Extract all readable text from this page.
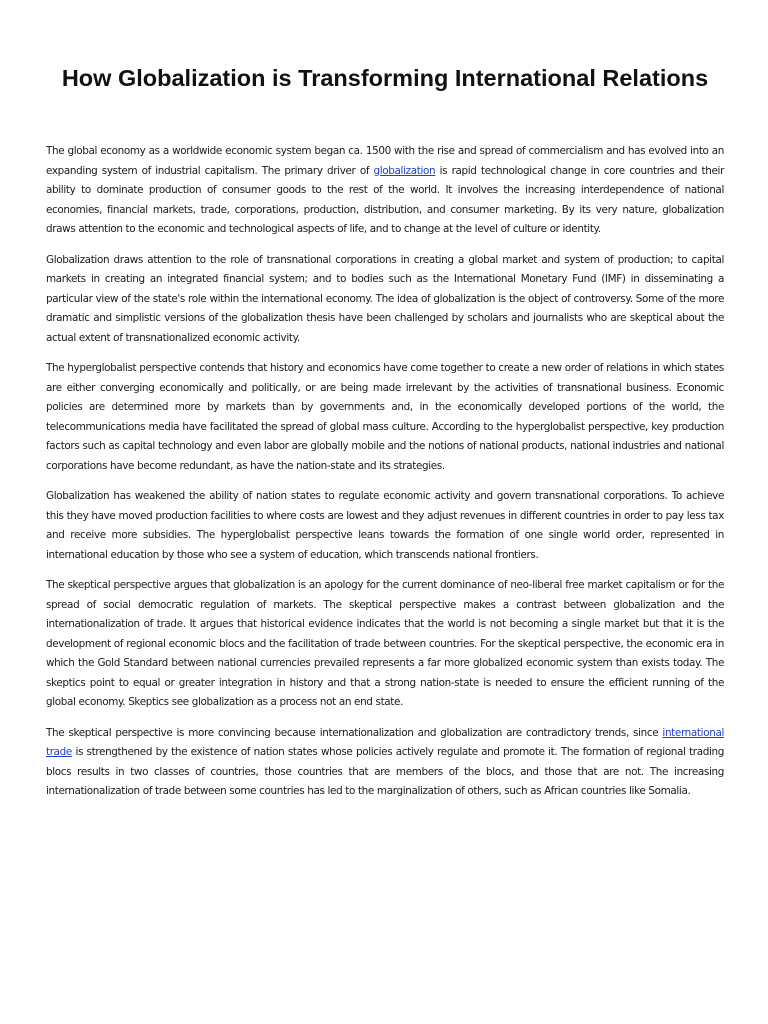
How Globalization is Transforming International Relations

The global economy as a worldwide economic system began ca. 1500 with the rise and spread of commercialism and has evolved into an expanding system of industrial capitalism. The primary driver of globalization is rapid technological change in core countries and their ability to dominate production of consumer goods to the rest of the world. It involves the increasing interdependence of national economies, financial markets, trade, corporations, production, distribution, and consumer marketing. By its very nature, globalization draws attention to the economic and technological aspects of life, and to change at the level of culture or identity.

Globalization draws attention to the role of transnational corporations in creating a global market and system of production; to capital markets in creating an integrated financial system; and to bodies such as the International Monetary Fund (IMF) in disseminating a particular view of the state's role within the international economy. The idea of globalization is the object of controversy. Some of the more dramatic and simplistic versions of the globalization thesis have been challenged by scholars and journalists who are skeptical about the actual extent of transnationalized economic activity.

The hyperglobalist perspective contends that history and economics have come together to create a new order of relations in which states are either converging economically and politically, or are being made irrelevant by the activities of transnational business. Economic policies are determined more by markets than by governments and, in the economically developed portions of the world, the telecommunications media have facilitated the spread of global mass culture. According to the hyperglobalist perspective, key production factors such as capital technology and even labor are globally mobile and the notions of national products, national industries and national corporations have become redundant, as have the nation-state and its strategies.

Globalization has weakened the ability of nation states to regulate economic activity and govern transnational corporations. To achieve this they have moved production facilities to where costs are lowest and they adjust revenues in different countries in order to pay less tax and receive more subsidies. The hyperglobalist perspective leans towards the formation of one single world order, represented in international education by those who see a system of education, which transcends national frontiers.

The skeptical perspective argues that globalization is an apology for the current dominance of neo-liberal free market capitalism or for the spread of social democratic regulation of markets. The skeptical perspective makes a contrast between globalization and the internationalization of trade. It argues that historical evidence indicates that the world is not becoming a single market but that it is the development of regional economic blocs and the facilitation of trade between countries. For the skeptical perspective, the economic era in which the Gold Standard between national currencies prevailed represents a far more globalized economic system than exists today. The skeptics point to equal or greater integration in history and that a strong nation-state is needed to ensure the efficient running of the global economy. Skeptics see globalization as a process not an end state.

The skeptical perspective is more convincing because internationalization and globalization are contradictory trends, since international trade is strengthened by the existence of nation states whose policies actively regulate and promote it. The formation of regional trading blocs results in two classes of countries, those countries that are members of the blocs, and those that are not. The increasing internationalization of trade between some countries has led to the marginalization of others, such as African countries like Somalia.
